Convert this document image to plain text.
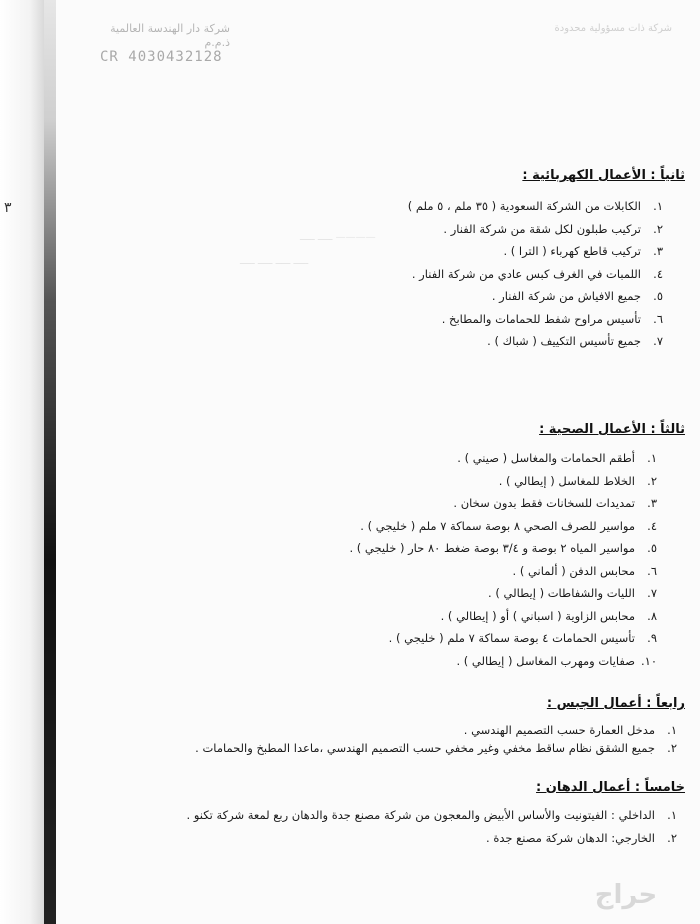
٣
شركة دار الهندسة العالمية
ذ.م.م
CR 4030432128
شركة ذات مسؤولية محدودة
———— ـــــ ـــــ
ـــــ ـــــ ـــــ ـــــ
ثانياً : الأعمال الكهربائية :
١.الكابلات من الشركة السعودية ( ٣٥ ملم ، ٥ ملم )
٢.تركيب طبلون لكل شقة من شركة الفنار .
٣.تركيب قاطع كهرباء ( الترا ) .
٤.اللمبات في الغرف كبس عادي من شركة الفنار .
٥.جميع الافياش من شركة الفنار .
٦.تأسيس مراوح شفط للحمامات والمطابخ .
٧.جميع تأسيس التكييف ( شباك ) .
ثالثاً : الأعمال الصحية :
١.أطقم الحمامات والمغاسل ( صيني ) .
٢.الخلاط للمغاسل ( إيطالي ) .
٣.تمديدات للسخانات فقط بدون سخان .
٤.مواسير للصرف الصحي ٨ بوصة سماكة ٧ ملم ( خليجي ) .
٥.مواسير المياه ٢ بوصة و ٣/٤ بوصة ضغط ٨٠ حار ( خليجي ) .
٦.محابس الدفن ( ألماني ) .
٧.الليات والشفاطات ( إيطالي ) .
٨.محابس الزاوية ( اسباني ) أو ( إيطالي ) .
٩.تأسيس الحمامات ٤ بوصة سماكة ٧ ملم ( خليجي ) .
١٠.صفايات ومهرب المغاسل ( إيطالي ) .
رابعاً : أعمال الجبس :
١.مدخل العمارة حسب التصميم الهندسي .
٢.جميع الشقق نظام ساقط مخفي وغير مخفي حسب التصميم الهندسي ،ماعدا المطبخ والحمامات .
خامساً : أعمال الدهان :
١.الداخلي : الفيتونيت والأساس الأبيض والمعجون من شركة مصنع جدة والدهان ربع لمعة شركة تكنو .
٢.الخارجي: الدهان شركة مصنع جدة .
حراج
